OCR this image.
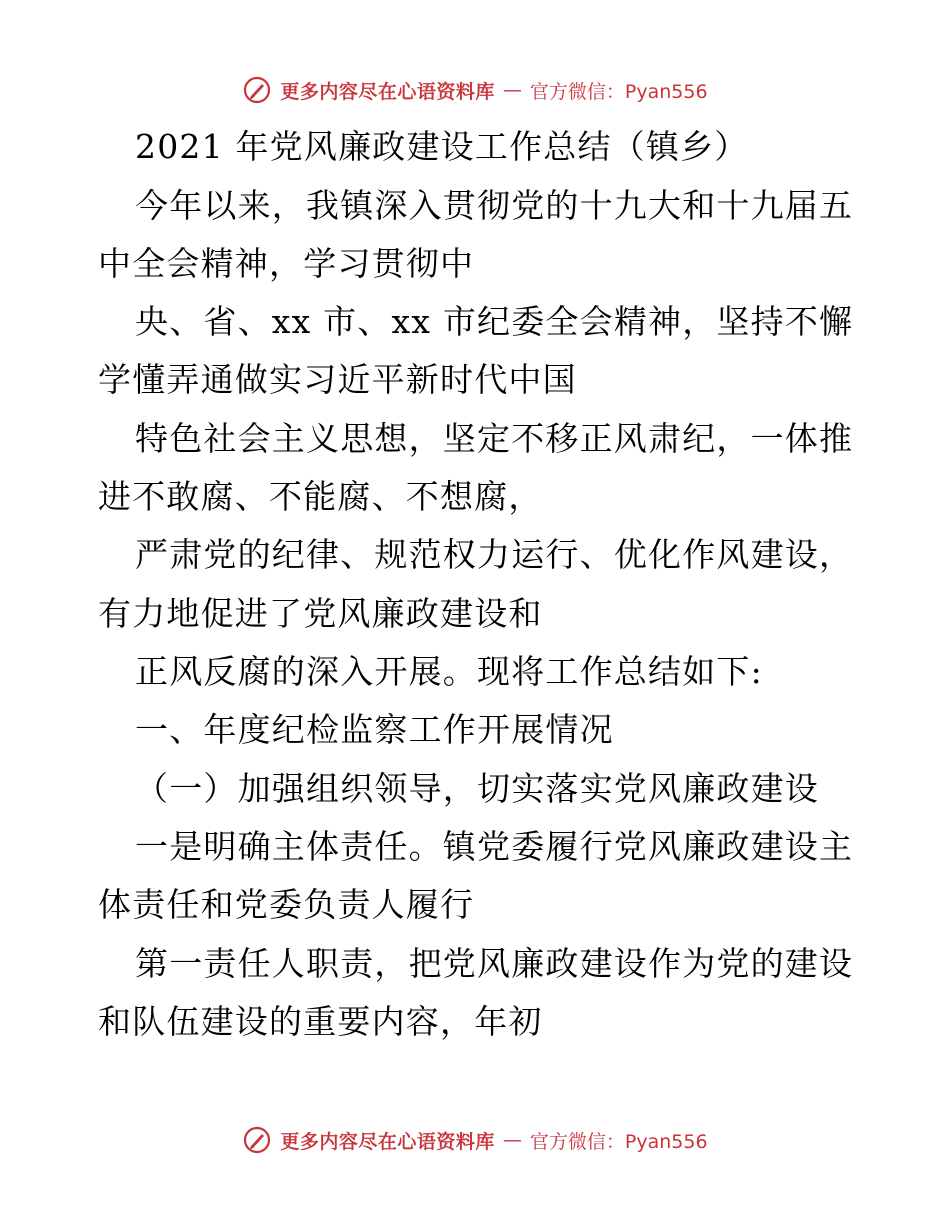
更多内容尽在心语资料库 — 官方微信：Pyan556
2021 年党风廉政建设工作总结（镇乡）
今年以来，我镇深入贯彻党的十九大和十九届五
中全会精神，学习贯彻中
央、省、xx 市、xx 市纪委全会精神，坚持不懈
学懂弄通做实习近平新时代中国
特色社会主义思想，坚定不移正风肃纪，一体推
进不敢腐、不能腐、不想腐，
严肃党的纪律、规范权力运行、优化作风建设，
有力地促进了党风廉政建设和
正风反腐的深入开展。现将工作总结如下:
一、年度纪检监察工作开展情况
（一）加强组织领导，切实落实党风廉政建设
一是明确主体责任。镇党委履行党风廉政建设主
体责任和党委负责人履行
第一责任人职责，把党风廉政建设作为党的建设
和队伍建设的重要内容，年初
更多内容尽在心语资料库 — 官方微信：Pyan556
